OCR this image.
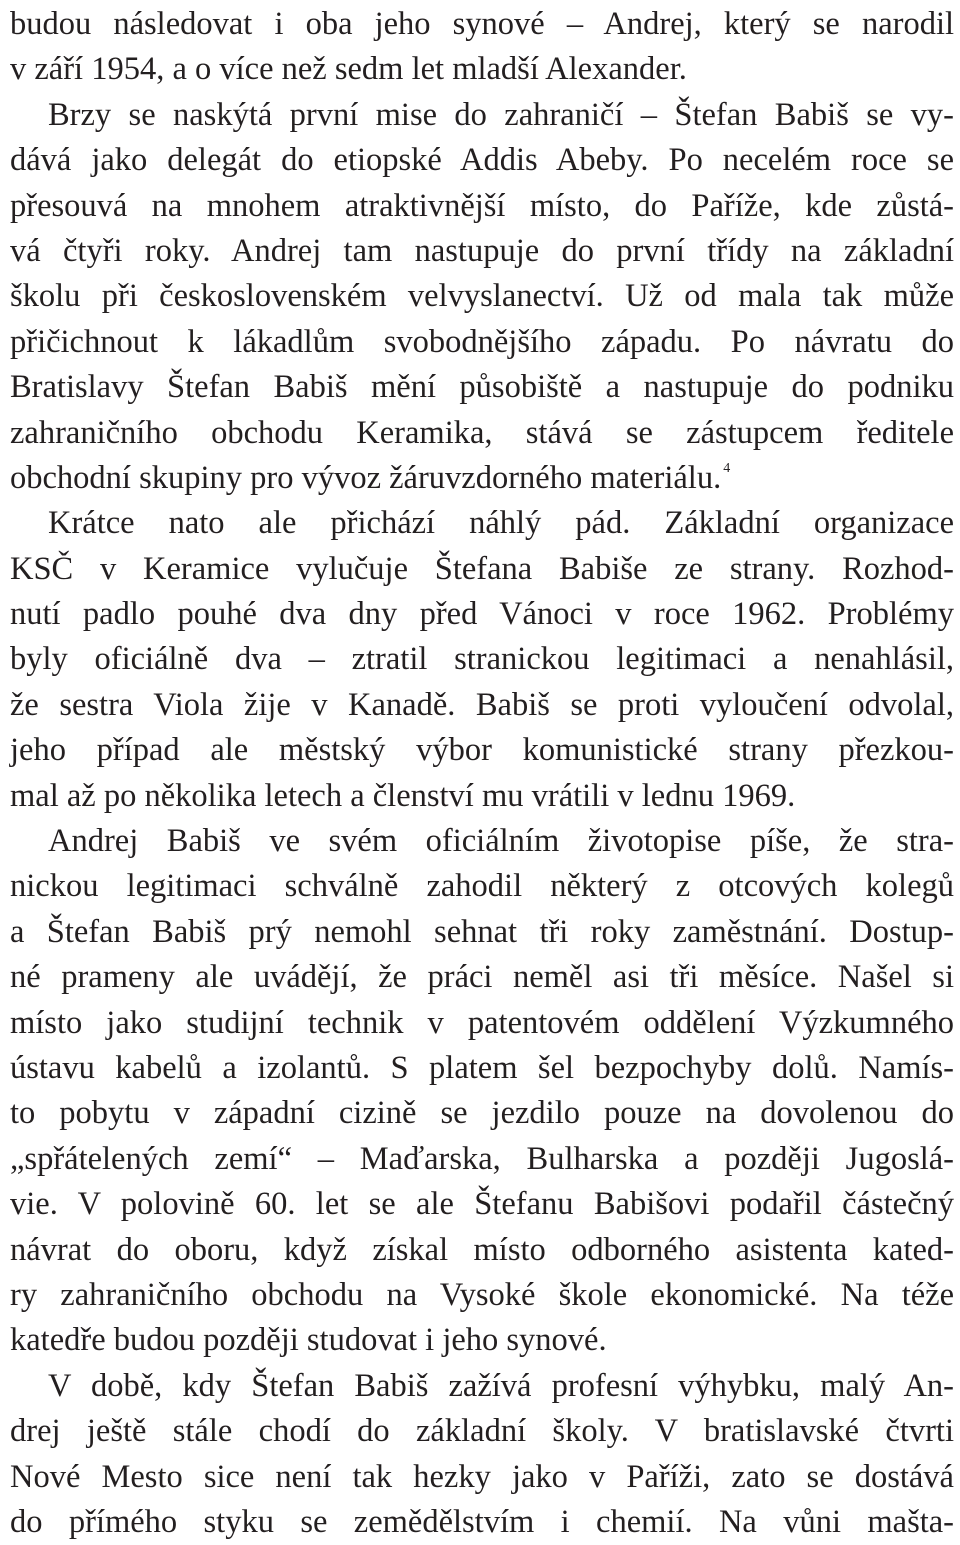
budou následovat i oba jeho synové – Andrej, který se narodil
v září 1954, a o více než sedm let mladší Alexander.
Brzy se naskýtá první mise do zahraničí – Štefan Babiš se vy-
dává jako delegát do etiopské Addis Abeby. Po necelém roce se
přesouvá na mnohem atraktivnější místo, do Paříže, kde zůstá-
vá čtyři roky. Andrej tam nastupuje do první třídy na základní
školu při československém velvyslanectví. Už od mala tak může
přičichnout k lákadlům svobodnějšího západu. Po návratu do
Bratislavy Štefan Babiš mění působiště a nastupuje do podniku
zahraničního obchodu Keramika, stává se zástupcem ředitele
obchodní skupiny pro vývoz žáruvzdorného materiálu. $^4$
Krátce nato ale přichází náhlý pád. Základní organizace
KSČ v Keramice vylučuje Štefana Babiše ze strany. Rozhod-
nutí padlo pouhé dva dny před Vánoci v roce 1962. Problémy
byly oficiálně dva – ztratil stranickou legitimaci a nenahlásil,
že sestra Viola žije v Kanadě. Babiš se proti vyloučení odvolal,
jeho případ ale městský výbor komunistické strany přezkou-
mal až po několika letech a členství mu vrátili v lednu 1969.
Andrej Babiš ve svém oficiálním životopise píše, že stra-
nickou legitimaci schválně zahodil některý z otcových kolegů
a Štefan Babiš prý nemohl sehnat tři roky zaměstnání. Dostup-
né prameny ale uvádějí, že práci neměl asi tři měsíce. Našel si
místo jako studijní technik v patentovém oddělení Výzkumného
ústavu kabelů a izolantů. S platem šel bezpochyby dolů. Namís-
to pobytu v západní cizině se jezdilo pouze na dovolenou do
„spřátelených zemí“ – Maďarska, Bulharska a později Jugoslá-
vie. V polovině 60. let se ale Štefanu Babišovi podařil částečný
návrat do oboru, když získal místo odborného asistenta kated-
ry zahraničního obchodu na Vysoké škole ekonomické. Na téže
katedře budou později studovat i jeho synové.
V době, kdy Štefan Babiš zažívá profesní výhybku, malý An-
drej ještě stále chodí do základní školy. V bratislavské čtvrti
Nové Mesto sice není tak hezky jako v Paříži, zato se dostává
do přímého styku se zemědělstvím i chemií. Na vůni mašta-
